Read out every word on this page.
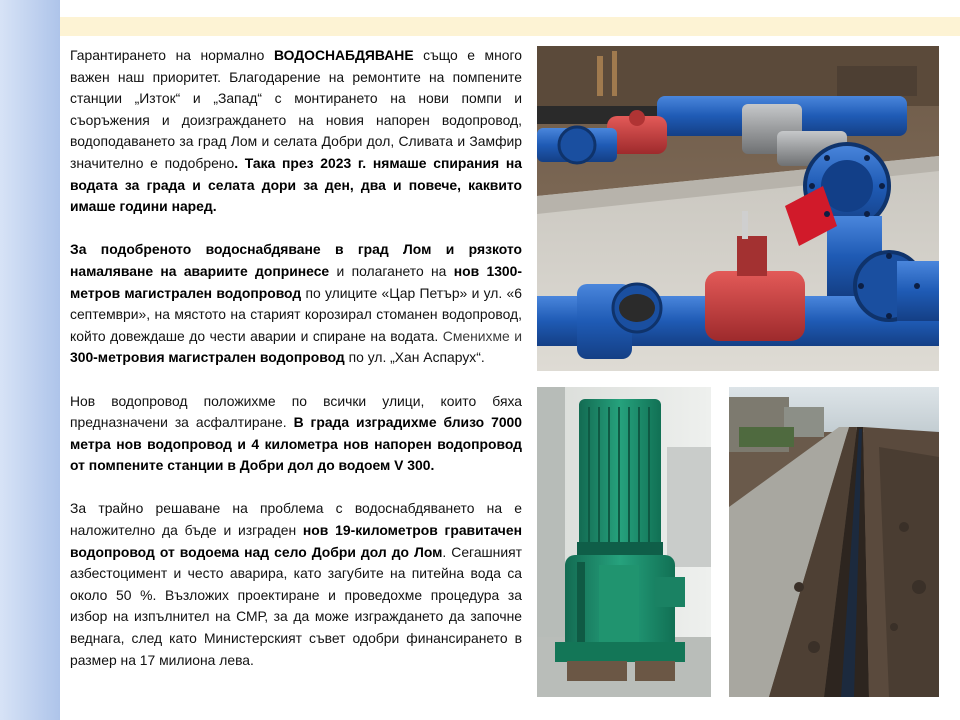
Гарантирането на нормално ВОДОСНАБДЯВАНЕ също е много важен наш приоритет. Благодарение на ремонтите на помпените станции „Изток“ и „Запад“ с монтирането на нови помпи и съоръжения и доизграждането на новия напорен водопровод, водоподаването за град Лом и селата Добри дол, Сливата и Замфир значително е подобрено. Така през 2023 г. нямаше спирания на водата за града и селата дори за ден, два и повече, каквито имаше години наред.

За подобреното водоснабдяване в град Лом и рязкото намаляване на авариите допринесе и полагането на нов 1300-метров магистрален водопровод по улиците «Цар Петър» и ул. «6 септември», на мястото на старият корозирал стоманен водопровод, който довеждаше до чести аварии и спиране на водата. Сменихме и 300-метровия магистрален водопровод по ул. „Хан Аспарух“.

Нов водопровод положихме по всички улици, които бяха предназначени за асфалтиране. В града изградихме близо 7000 метра нов водопровод и 4 километра нов напорен водопровод от помпените станции в Добри дол до водоем V 300.

За трайно решаване на проблема с водоснабдяването на е наложително да бъде и изграден нов 19-километров гравитачен водопровод от водоема над село Добри дол до Лом. Сегашният азбестоцимент и често аварира, като загубите на питейна вода са около 50 %. Възложих проектиране и проведохме процедура за избор на изпълнител на СМР, за да може изграждането да започне веднага, след като Министерският съвет одобри финансирането в размер на 17 милиона лева.
